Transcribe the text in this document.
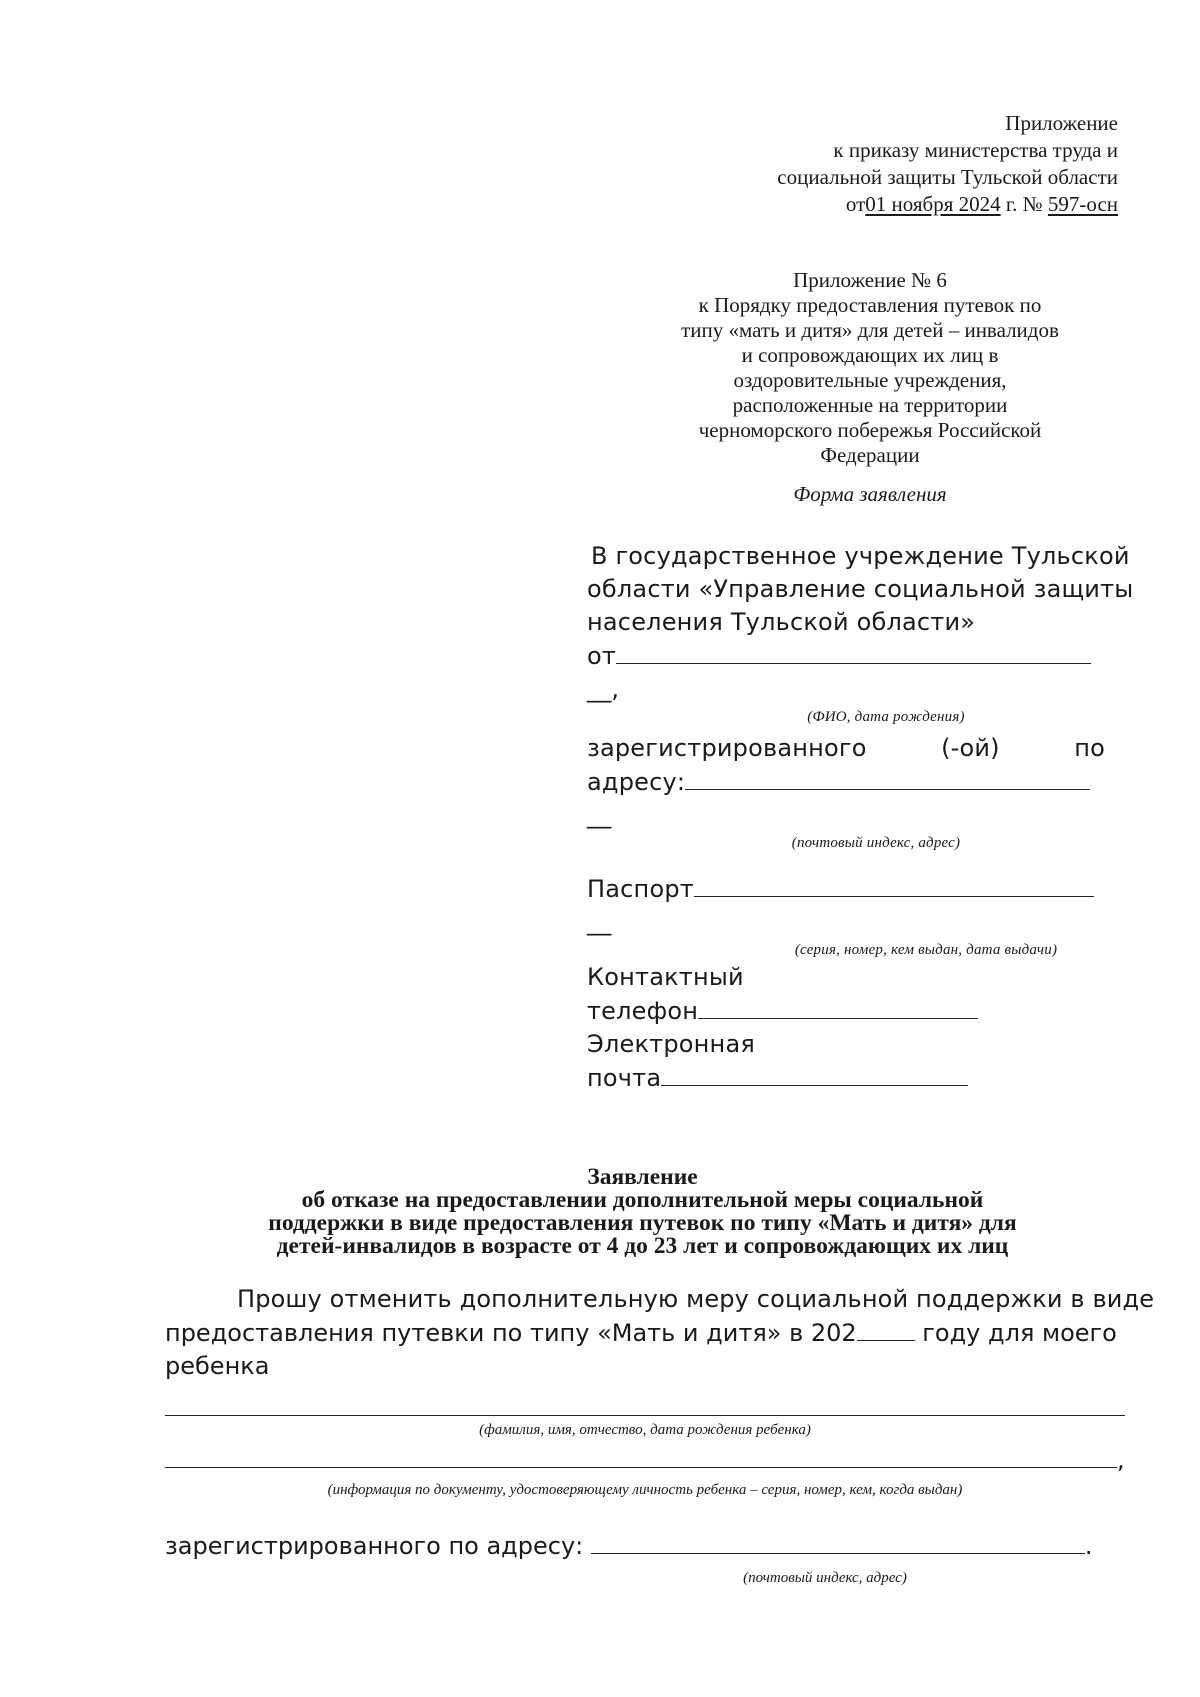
Приложение
к приказу министерства труда и
социальной защиты Тульской области
от01 ноября 2024 г. № 597-осн
Приложение № 6
к Порядку предоставления путевок по
типу «мать и дитя» для детей – инвалидов
и сопровождающих их лиц в
оздоровительные учреждения,
расположенные на территории
черноморского побережья Российской
Федерации
Форма заявления
В государственное учреждение Тульской
области «Управление социальной защиты
населения Тульской области»
от
__,
(ФИО, дата рождения)
зарегистрированного	(-ой)	по
адресу:
__
(почтовый индекс, адрес)
Паспорт
__
(серия, номер, кем выдан, дата выдачи)
Контактный
телефон
Электронная
почта
Заявление
об отказе на предоставлении дополнительной меры социальной
поддержки в виде предоставления путевок по типу «Мать и дитя» для
детей-инвалидов в возрасте от 4 до 23 лет и сопровождающих их лиц
Прошу отменить дополнительную меру социальной поддержки в виде
предоставления путевки по типу «Мать и дитя» в 202 году для моего
ребенка
(фамилия, имя, отчество, дата рождения ребенка)
,
(информация по документу, удостоверяющему личность ребенка – серия, номер, кем, когда выдан)
зарегистрированного по адресу:	.
(почтовый индекс, адрес)
